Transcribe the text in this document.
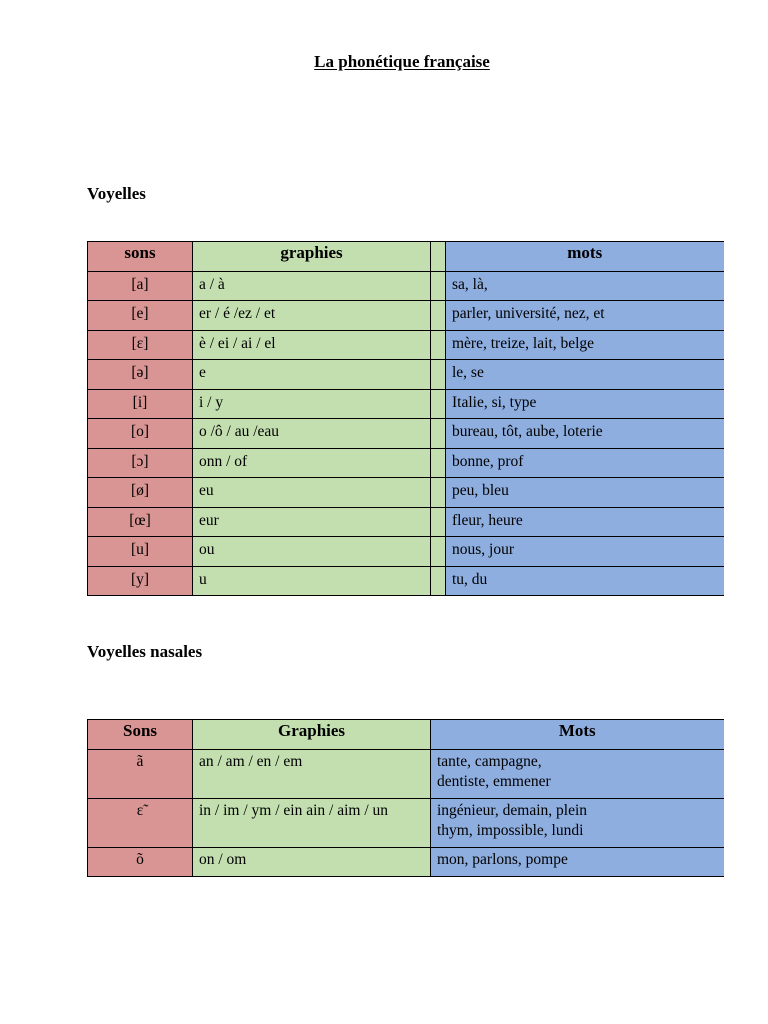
La phonétique française
Voyelles
sons	graphies		mots
[a]	a / à		sa, là,
[e]	er / é /ez / et		parler, université, nez, et
[ɛ]	è / ei / ai / el		mère, treize, lait, belge
[ə]	e		le, se
[i]	i / y		Italie, si, type
[o]	o /ô / au /eau		bureau, tôt, aube, loterie
[ɔ]	onn / of		bonne, prof
[ø]	eu		peu, bleu
[œ]	eur		fleur, heure
[u]	ou		nous, jour
[y]	u		tu, du
Voyelles nasales
Sons	Graphies	Mots
ã	an / am / en / em	tante, campagne,
dentiste, emmener

ɛ̃	in / im / ym / ein ain / aim / un	ingénieur, demain, plein
thym, impossible, lundi

õ	on / om	mon, parlons, pompe
